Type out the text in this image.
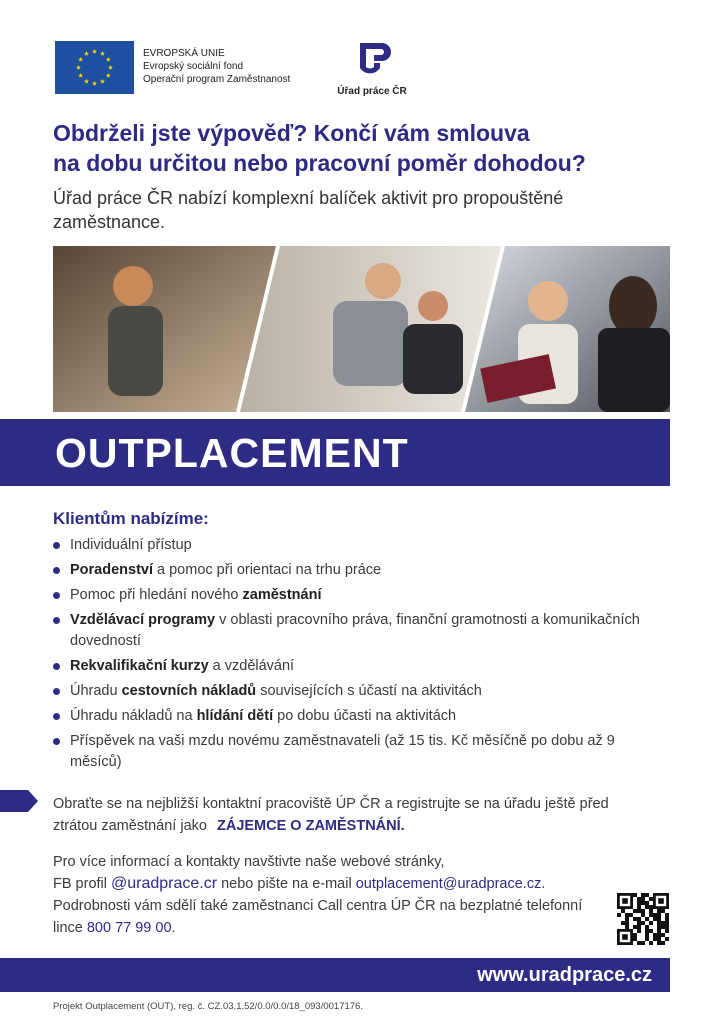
EVROPSKÁ UNIE
Evropský sociální fond
Operační program Zaměstnanost
Úřad práce ČR
Obdrželi jste výpověď? Končí vám smlouva
na dobu určitou nebo pracovní poměr dohodou?
Úřad práce ČR nabízí komplexní balíček aktivit pro propouštěné zaměstnance.
OUTPLACEMENT
Klientům nabízíme:
Individuální přístup
Poradenství a pomoc při orientaci na trhu práce
Pomoc při hledání nového zaměstnání
Vzdělávací programy v oblasti pracovního práva, finanční gramotnosti a komunikačních dovedností
Rekvalifikační kurzy a vzdělávání
Úhradu cestovních nákladů souvisejících s účastí na aktivitách
Úhradu nákladů na hlídání dětí po dobu účasti na aktivitách
Příspěvek na vaši mzdu novému zaměstnavateli (až 15 tis. Kč měsíčně po dobu až 9 měsíců)
Obraťte se na nejbližší kontaktní pracoviště ÚP ČR a registrujte se na úřadu ještě před ztrátou zaměstnání jako ZÁJEMCE O ZAMĚSTNÁNÍ.
Pro více informací a kontakty navštivte naše webové stránky,
FB profil @uradprace.cr nebo pište na e-mail outplacement@uradprace.cz.
Podrobnosti vám sdělí také zaměstnanci Call centra ÚP ČR na bezplatné telefonní lince 800 77 99 00.
www.uradprace.cz
Projekt Outplacement (OUT), reg. č. CZ.03.1.52/0.0/0.0/18_093/0017176.
